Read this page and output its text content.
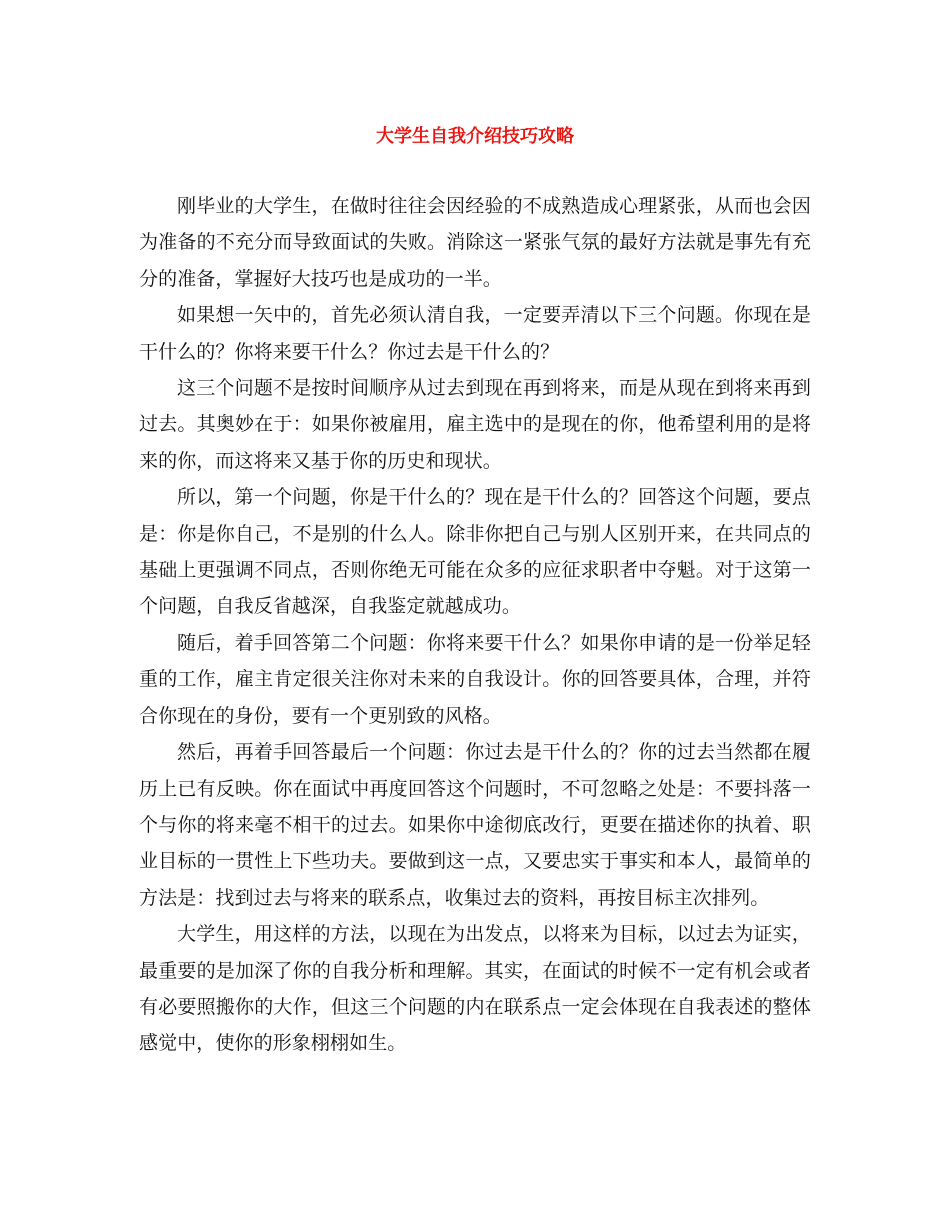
大学生自我介绍技巧攻略

刚毕业的大学生，在做时往往会因经验的不成熟造成心理紧张，从而也会因为准备的不充分而导致面试的失败。消除这一紧张气氛的最好方法就是事先有充分的准备，掌握好大技巧也是成功的一半。

如果想一矢中的，首先必须认清自我，一定要弄清以下三个问题。你现在是干什么的？你将来要干什么？你过去是干什么的？

这三个问题不是按时间顺序从过去到现在再到将来，而是从现在到将来再到过去。其奥妙在于：如果你被雇用，雇主选中的是现在的你，他希望利用的是将来的你，而这将来又基于你的历史和现状。

所以，第一个问题，你是干什么的？现在是干什么的？回答这个问题，要点是：你是你自己，不是别的什么人。除非你把自己与别人区别开来，在共同点的基础上更强调不同点，否则你绝无可能在众多的应征求职者中夺魁。对于这第一个问题，自我反省越深，自我鉴定就越成功。

随后，着手回答第二个问题：你将来要干什么？如果你申请的是一份举足轻重的工作，雇主肯定很关注你对未来的自我设计。你的回答要具体，合理，并符合你现在的身份，要有一个更别致的风格。

然后，再着手回答最后一个问题：你过去是干什么的？你的过去当然都在履历上已有反映。你在面试中再度回答这个问题时，不可忽略之处是：不要抖落一个与你的将来毫不相干的过去。如果你中途彻底改行，更要在描述你的执着、职业目标的一贯性上下些功夫。要做到这一点，又要忠实于事实和本人，最简单的方法是：找到过去与将来的联系点，收集过去的资料，再按目标主次排列。

大学生，用这样的方法，以现在为出发点，以将来为目标，以过去为证实，最重要的是加深了你的自我分析和理解。其实，在面试的时候不一定有机会或者有必要照搬你的大作，但这三个问题的内在联系点一定会体现在自我表述的整体感觉中，使你的形象栩栩如生。
